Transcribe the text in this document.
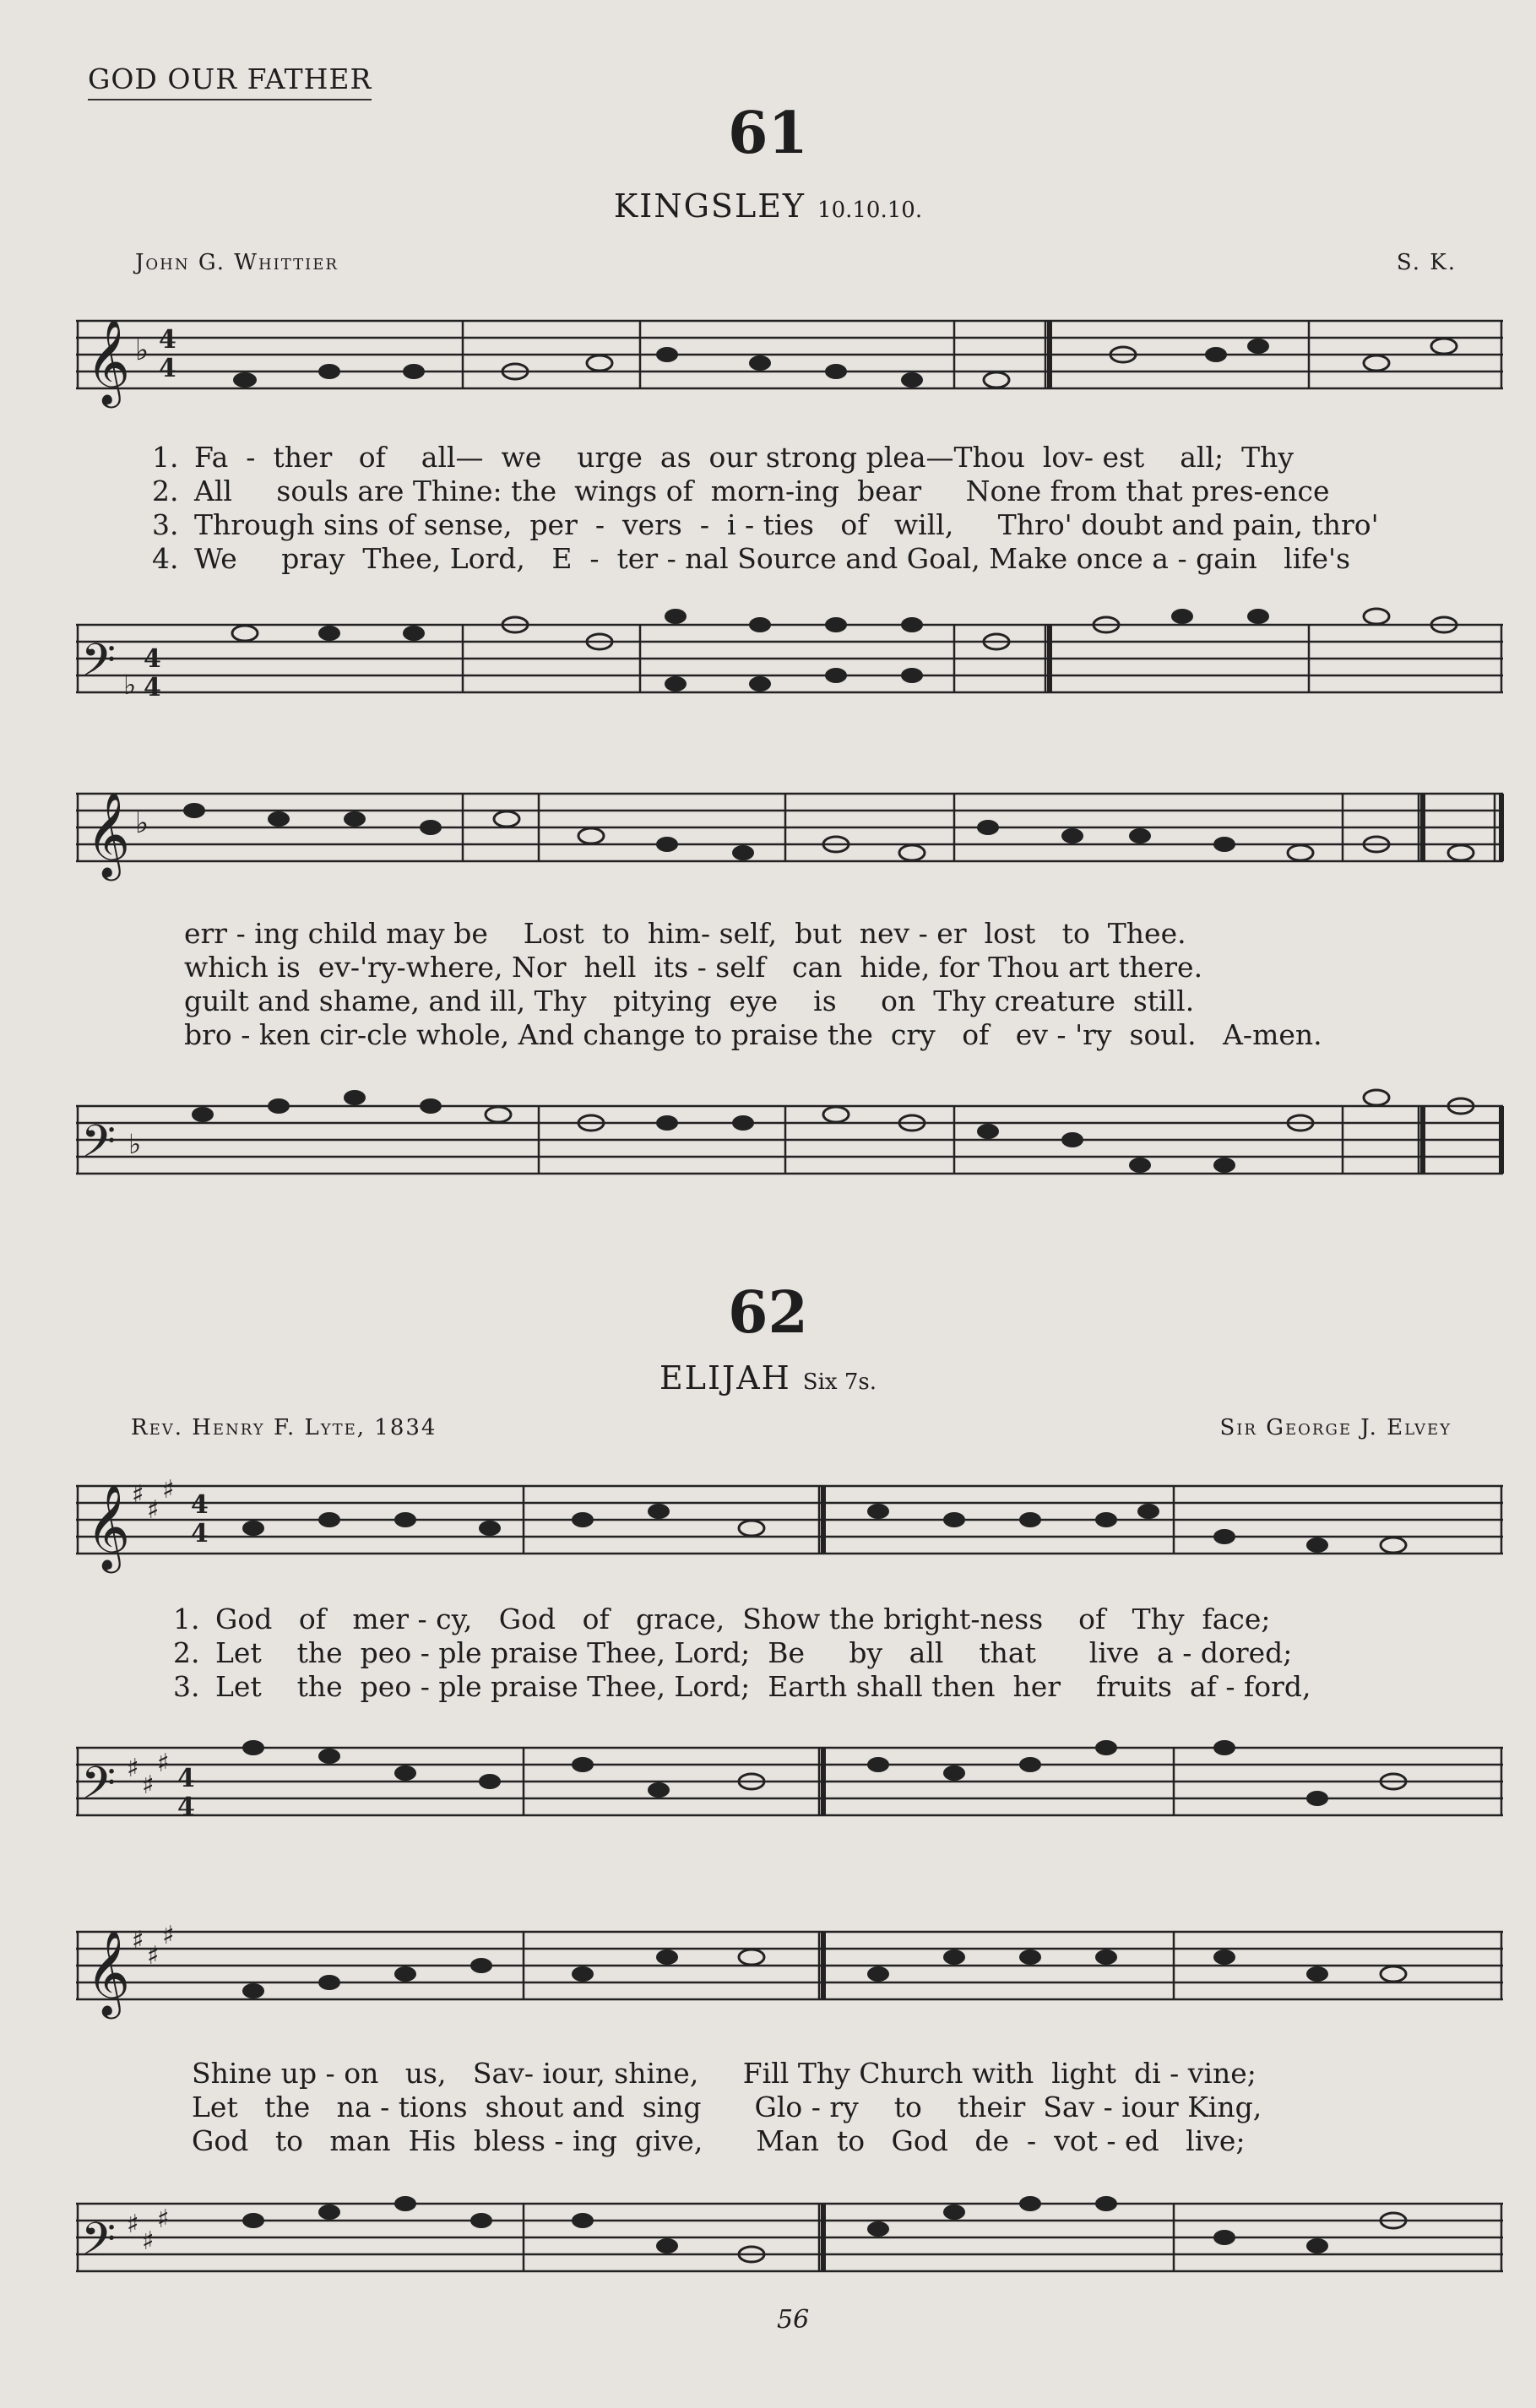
GOD OUR FATHER
61
KINGSLEY 10.10.10.
John G. Whittier	S. K.
𝄞 ♭ 4
4
1. Fa  -  ther   of    all—  we    urge  as  our strong plea—Thou  lov- est    all;  Thy
2. All     souls are Thine: the  wings of  morn-ing  bear     None from that pres-ence
3. Through sins of sense,  per  -  vers  -  i - ties   of   will,     Thro' doubt and pain, thro'
4. We     pray  Thee, Lord,   E  -  ter - nal Source and Goal, Make once a - gain   life's
𝄢 4
♭ 4
𝄞 ♭
err - ing child may be    Lost  to  him- self,  but  nev - er  lost   to  Thee.
which is  ev-'ry-where, Nor  hell  its - self   can  hide, for Thou art there.
guilt and shame, and ill, Thy   pitying  eye    is     on  Thy creature  still.
bro - ken cir-cle whole, And change to praise the  cry   of   ev - 'ry  soul.   A-men.
𝄢 ♭
62
ELIJAH Six 7s.
Rev. Henry F. Lyte, 1834	Sir George J. Elvey
𝄞 ♯
♯
♯
4
4
1. God   of   mer - cy,   God   of   grace,  Show the bright-ness    of   Thy  face;
2. Let    the  peo - ple praise Thee, Lord;  Be     by   all    that      live  a - dored;
3. Let    the  peo - ple praise Thee, Lord;  Earth shall then  her    fruits  af - ford,
𝄢 ♯
♯
♯
4
4
𝄞 ♯
♯
♯
Shine up - on   us,   Sav- iour, shine,     Fill Thy Church with  light  di - vine;
Let   the   na - tions  shout and  sing      Glo - ry    to    their  Sav - iour King,
God   to   man  His  bless - ing  give,      Man  to   God   de  -  vot - ed   live;
𝄢 ♯
♯
♯
56
